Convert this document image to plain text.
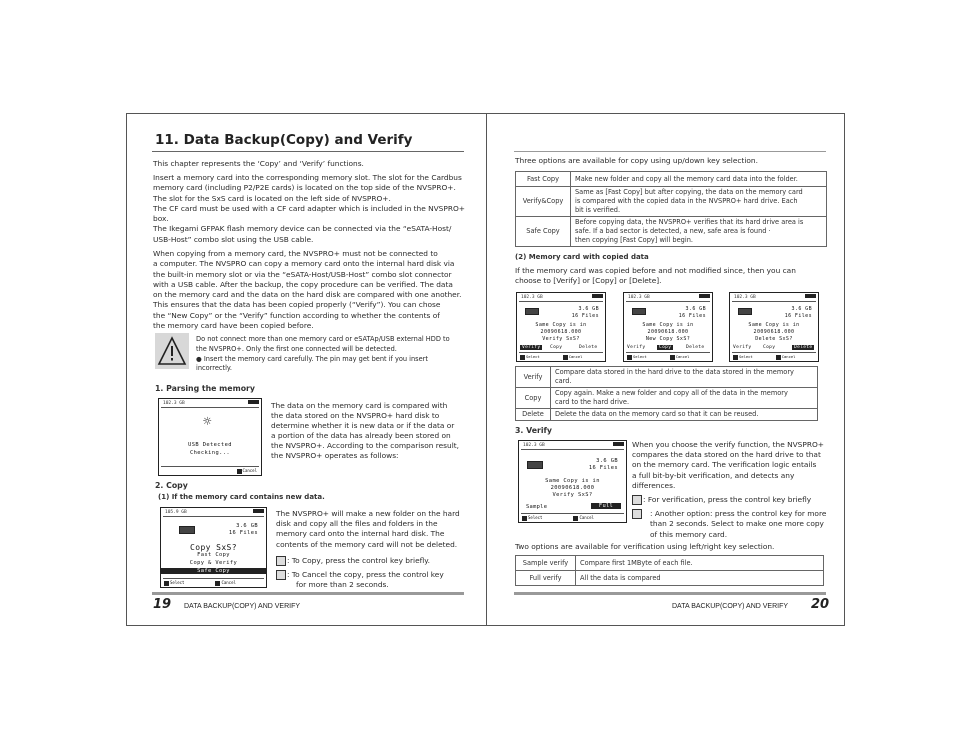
11. Data Backup(Copy) and Verify
This chapter represents the ‘Copy’ and ‘Verify’ functions.
Insert a memory card into the corresponding memory slot. The slot for the Cardbus
memory card (including P2/P2E cards) is located on the top side of the NVSPRO+.
The slot for the SxS card is located on the left side of NVSPRO+.
The CF card must be used with a CF card adapter which is included in the NVSPRO+
box.
The Ikegami GFPAK flash memory device can be connected via the “eSATA-Host/
USB-Host” combo slot using the USB cable.
When copying from a memory card, the NVSPRO+ must not be connected to
a computer. The NVSPRO can copy a memory card onto the internal hard disk via
the built-in memory slot or via the “eSATA-Host/USB-Host” combo slot connector
with a USB cable. After the backup, the copy procedure can be verified. The data
on the memory card and the data on the hard disk are compared with one another.
This ensures that the data has been copied properly (“Verify”). You can chose
the “New Copy” or the “Verify” function according to whether the contents of
the memory card have been copied before.
Do not connect more than one memory card or eSATAp/USB external HDD to
the NVSPRO+. Only the first one connected will be detected.
● Insert the memory card carefully. The pin may get bent if you insert
incorrectly.
1. Parsing the memory
102.3 GB
☼
USB Detected
Checking...
Cancel
The data on the memory card is compared with
the data stored on the NVSPRO+ hard disk to
determine whether it is new data or if the data or
a portion of the data has already been stored on
the NVSPRO+. According to the comparison result,
the NVSPRO+ operates as follows:
2. Copy
(1) If the memory card contains new data.
105.9 GB
3.6 GB
16 Files
Copy SxS?
Fast Copy
Copy & Verify
Safe Copy
Select	Cancel
The NVSPRO+ will make a new folder on the hard
disk and copy all the files and folders in the
memory card onto the internal hard disk. The
contents of the memory card will not be deleted.
: To Copy, press the control key briefly.
: To Cancel the copy, press the control key
for more than 2 seconds.
19 DATA BACKUP(COPY) AND VERIFY
Three options are available for copy using up/down key selection.
Fast Copy	Make new folder and copy all the memory card data into the folder.

Verify&Copy	Same as [Fast Copy] but after copying, the data on the memory card
is compared with the copied data in the NVSPRO+ hard drive. Each
bit is verified.

Safe Copy	Before copying data, the NVSPRO+ verifies that its hard drive area is
safe. If a bad sector is detected, a new, safe area is found ·
then copying [Fast Copy] will begin.
(2) Memory card with copied data
If the memory card was copied before and not modified since, then you can
choose to [Verify] or [Copy] or [Delete].
102.3 GB
3.6 GB
16 Files
Same Copy is in
20090618.000
Verify SxS?
Verify	Copy	Delete
Select	Cancel
102.3 GB
3.6 GB
16 Files
Same Copy is in
20090618.000
New Copy SxS?
Verify	Copy	Delete
Select	Cancel
102.3 GB
3.6 GB
16 Files
Same Copy is in
20090618.000
Delete SxS?
Verify	Copy	Delete
Select	Cancel
Verify	Compare data stored in the hard drive to the data stored in the memory
card.

Copy	Copy again. Make a new folder and copy all of the data in the memory
card to the hard drive.

Delete	Delete the data on the memory card so that it can be reused.
3. Verify
102.3 GB
3.6 GB
16 Files
Same Copy is in
20090618.000
Verify SxS?
Sample	Full
Select	Cancel
When you choose the verify function, the NVSPRO+
compares the data stored on the hard drive to that
on the memory card. The verification logic entails
a full bit-by-bit verification, and detects any
differences.
: For verification, press the control key briefly
: Another option: press the control key for more
than 2 seconds. Select to make one more copy
of this memory card.
Two options are available for verification using left/right key selection.
Sample verify	Compare first 1MByte of each file.

Full verify	All the data is compared
DATA BACKUP(COPY) AND VERIFY 20
